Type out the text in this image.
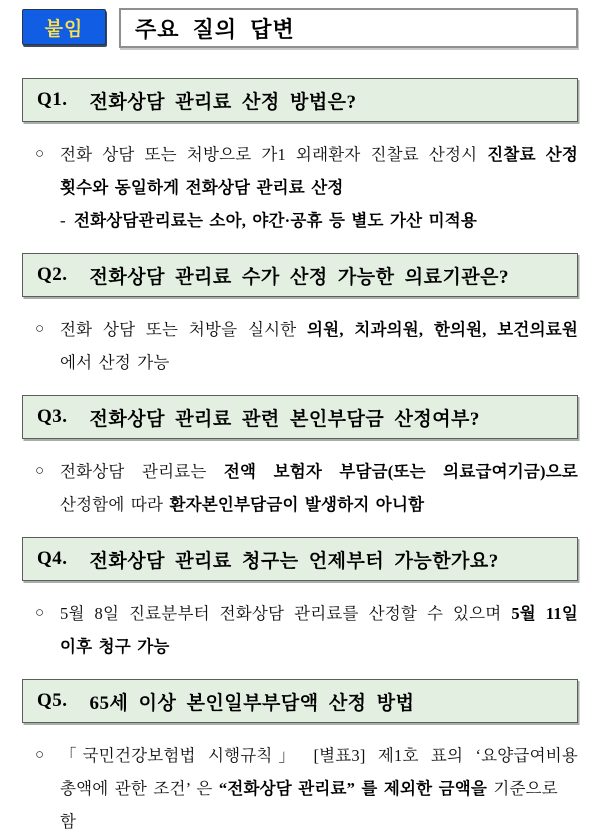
붙임	주요 질의 답변
Q1. 전화상담 관리료 산정 방법은?
○ 전화 상담 또는 처방으로 가1 외래환자 진찰료 산정시 진찰료 산정
횟수와 동일하게 전화상담 관리료 산정
- 전화상담관리료는 소아, 야간·공휴 등 별도 가산 미적용
Q2. 전화상담 관리료 수가 산정 가능한 의료기관은?
○ 전화 상담 또는 처방을 실시한 의원, 치과의원, 한의원, 보건의료원
에서 산정 가능
Q3. 전화상담 관리료 관련 본인부담금 산정여부?
○ 전화상담 관리료는 전액 보험자 부담금(또는 의료급여기금)으로
산정함에 따라 환자본인부담금이 발생하지 아니함
Q4. 전화상담 관리료 청구는 언제부터 가능한가요?
○ 5월 8일 진료분부터 전화상담 관리료를 산정할 수 있으며 5월 11일
이후 청구 가능
Q5. 65세 이상 본인일부부담액 산정 방법
○ 「국민건강보험법 시행규칙」 [별표3] 제1호 표의 ‘요양급여비용
총액에 관한 조건’ 은 “전화상담 관리료” 를 제외한 금액을 기준으로 함
